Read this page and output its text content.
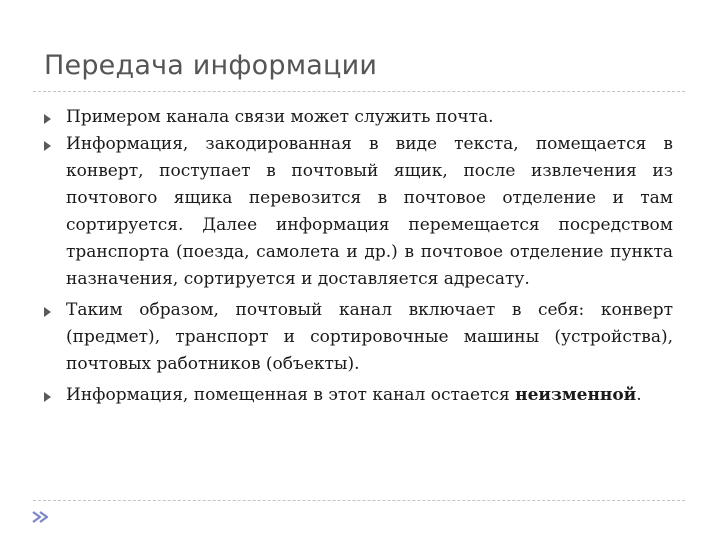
Передача информации
Примером канала связи может служить почта.
Информация, закодированная в виде текста, помещается в конверт, поступает в почтовый ящик, после извлечения из почтового ящика перевозится в почтовое отделение и там сортируется. Далее информация перемещается посредством транспорта (поезда, самолета и др.) в почтовое отделение пункта назначения, сортируется и доставляется адресату.
Таким образом, почтовый канал включает в себя: конверт (предмет), транспорт и сортировочные машины (устройства), почтовых работников (объекты).
Информация, помещенная в этот канал остается неизменной.
